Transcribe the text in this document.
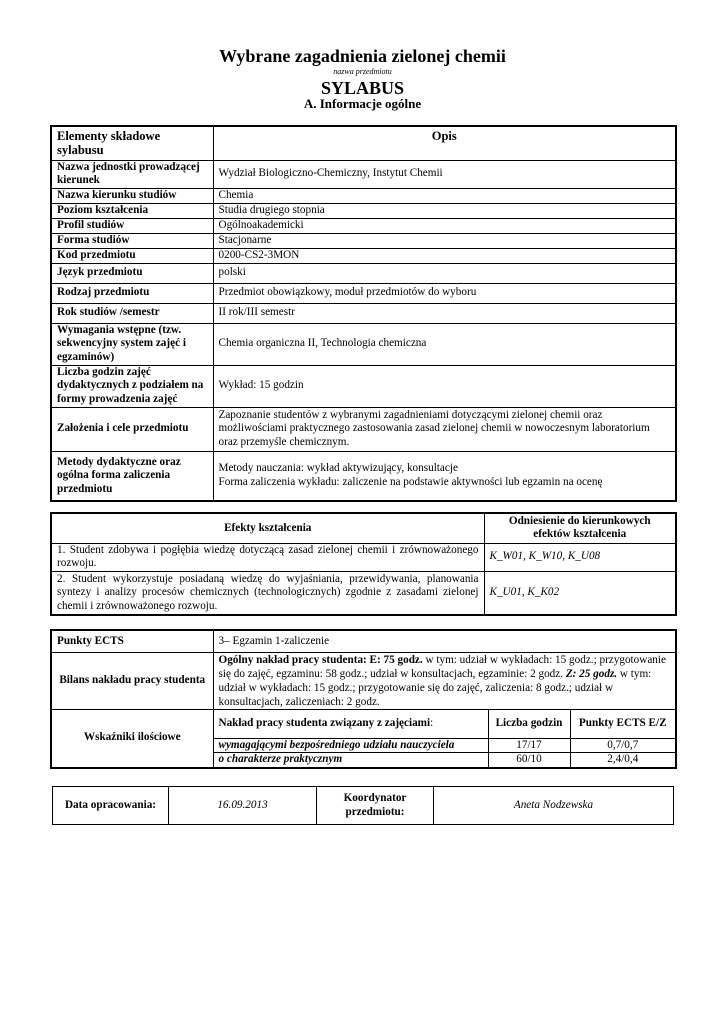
Wybrane zagadnienia zielonej chemii
nazwa przedmiotu
SYLABUS
A. Informacje ogólne
Elementy składowe sylabusu	Opis
Nazwa jednostki prowadzącej kierunek	Wydział Biologiczno-Chemiczny, Instytut Chemii
Nazwa kierunku studiów	Chemia
Poziom kształcenia	Studia drugiego stopnia
Profil studiów	Ogólnoakademicki
Forma studiów	Stacjonarne
Kod przedmiotu	0200-CS2-3MON
Język przedmiotu	polski
Rodzaj przedmiotu	Przedmiot obowiązkowy, moduł przedmiotów do wyboru
Rok studiów /semestr	II rok/III semestr
Wymagania wstępne (tzw. sekwencyjny system zajęć i egzaminów)	Chemia organiczna II, Technologia chemiczna
Liczba godzin zajęć dydaktycznych z podziałem na formy prowadzenia zajęć	Wykład: 15 godzin
Założenia i cele przedmiotu	Zapoznanie studentów z wybranymi zagadnieniami dotyczącymi zielonej chemii oraz możliwościami praktycznego zastosowania zasad zielonej chemii w nowoczesnym laboratorium oraz przemyśle chemicznym.
Metody dydaktyczne oraz ogólna forma zaliczenia przedmiotu	Metody nauczania: wykład aktywizujący, konsultacje
Forma zaliczenia wykładu: zaliczenie na podstawie aktywności lub egzamin na ocenę
Efekty kształcenia	Odniesienie do kierunkowych efektów kształcenia
1. Student zdobywa i pogłębia wiedzę dotyczącą zasad zielonej chemii i zrównoważonego rozwoju.	K_W01, K_W10, K_U08
2. Student wykorzystuje posiadaną wiedzę do wyjaśniania, przewidywania, planowania syntezy i analizy procesów chemicznych (technologicznych) zgodnie z zasadami zielonej chemii i zrównoważonego rozwoju.	K_U01, K_K02
Punkty ECTS	3– Egzamin 1-zaliczenie		
Bilans nakładu pracy studenta	Ogólny nakład pracy studenta: E: 75 godz. w tym: udział w wykładach: 15 godz.; przygotowanie się do zajęć, egzaminu: 58 godz.; udział w konsultacjach, egzaminie: 2 godz. Z: 25 godz. w tym: udział w wykładach: 15 godz.; przygotowanie się do zajęć, zaliczenia: 8 godz.; udział w konsultacjach, zaliczeniach: 2 godz.		
Wskaźniki ilościowe	Nakład pracy studenta związany z zajęciami:	Liczba godzin	Punkty ECTS E/Z
	wymagającymi bezpośredniego udziału nauczyciela	17/17	0,7/0,7
	o charakterze praktycznym	60/10	2,4/0,4
Data opracowania:	16.09.2013	Koordynator przedmiotu:	Aneta Nodzewska
